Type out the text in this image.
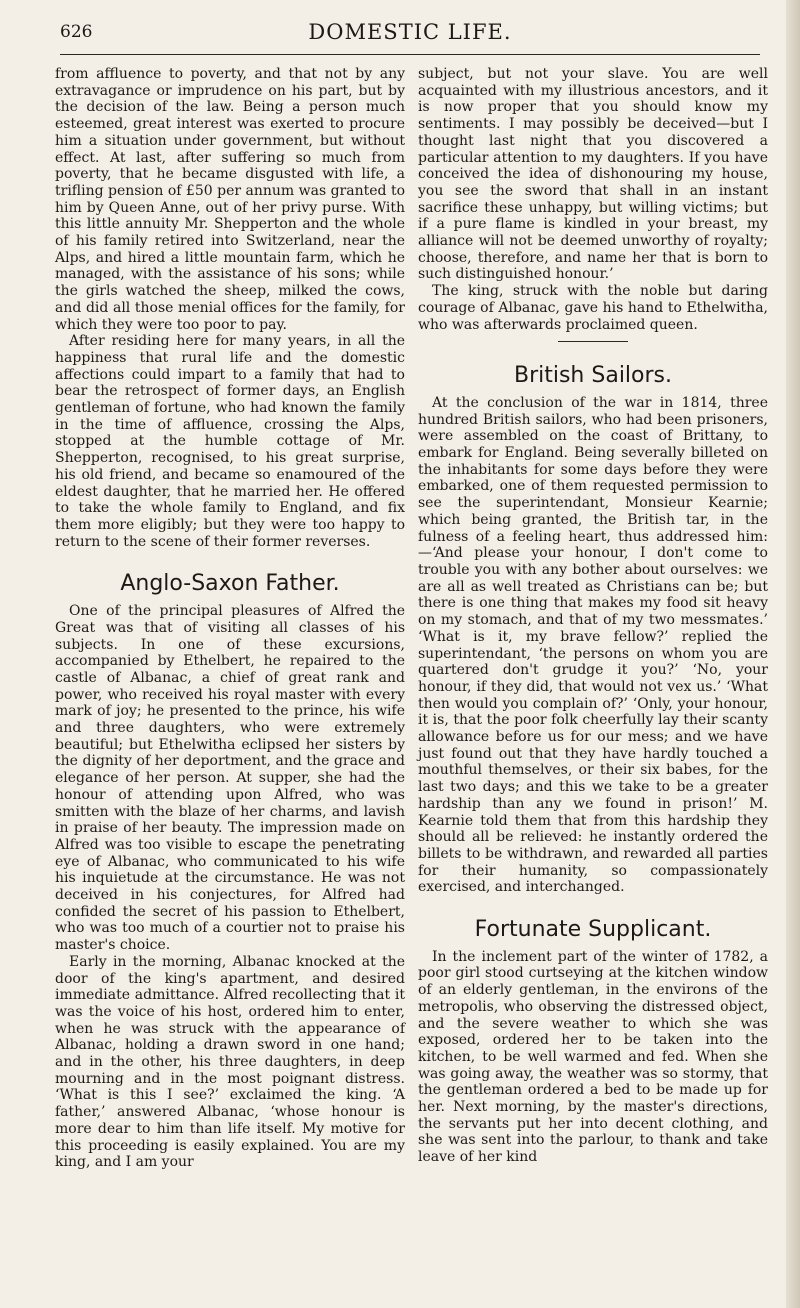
626	DOMESTIC LIFE.

from affluence to poverty, and that not by any extravagance or imprudence on his part, but by the decision of the law. Being a person much esteemed, great interest was exerted to procure him a situation under government, but without effect. At last, after suffering so much from poverty, that he became disgusted with life, a trifling pension of £50 per annum was granted to him by Queen Anne, out of her privy purse. With this little annuity Mr. Shepperton and the whole of his family retired into Switzerland, near the Alps, and hired a little mountain farm, which he managed, with the assistance of his sons; while the girls watched the sheep, milked the cows, and did all those menial offices for the family, for which they were too poor to pay.

After residing here for many years, in all the happiness that rural life and the domestic affections could impart to a family that had to bear the retrospect of former days, an English gentleman of fortune, who had known the family in the time of affluence, crossing the Alps, stopped at the humble cottage of Mr. Shepperton, recognised, to his great surprise, his old friend, and became so enamoured of the eldest daughter, that he married her. He offered to take the whole family to England, and fix them more eligibly; but they were too happy to return to the scene of their former reverses.

Anglo-Saxon Father.

One of the principal pleasures of Alfred the Great was that of visiting all classes of his subjects. In one of these excursions, accompanied by Ethelbert, he repaired to the castle of Albanac, a chief of great rank and power, who received his royal master with every mark of joy; he presented to the prince, his wife and three daughters, who were extremely beautiful; but Ethelwitha eclipsed her sisters by the dignity of her deportment, and the grace and elegance of her person. At supper, she had the honour of attending upon Alfred, who was smitten with the blaze of her charms, and lavish in praise of her beauty. The impression made on Alfred was too visible to escape the penetrating eye of Albanac, who communicated to his wife his inquietude at the circumstance. He was not deceived in his conjectures, for Alfred had confided the secret of his passion to Ethelbert, who was too much of a courtier not to praise his master's choice.

Early in the morning, Albanac knocked at the door of the king's apartment, and desired immediate admittance. Alfred recollecting that it was the voice of his host, ordered him to enter, when he was struck with the appearance of Albanac, holding a drawn sword in one hand; and in the other, his three daughters, in deep mourning and in the most poignant distress. ‘What is this I see?’ exclaimed the king. ‘A father,’ answered Albanac, ‘whose honour is more dear to him than life itself. My motive for this proceeding is easily explained. You are my king, and I am your

subject, but not your slave. You are well acquainted with my illustrious ancestors, and it is now proper that you should know my sentiments. I may possibly be deceived—but I thought last night that you discovered a particular attention to my daughters. If you have conceived the idea of dishonouring my house, you see the sword that shall in an instant sacrifice these unhappy, but willing victims; but if a pure flame is kindled in your breast, my alliance will not be deemed unworthy of royalty; choose, therefore, and name her that is born to such distinguished honour.’

The king, struck with the noble but daring courage of Albanac, gave his hand to Ethelwitha, who was afterwards proclaimed queen.

British Sailors.

At the conclusion of the war in 1814, three hundred British sailors, who had been prisoners, were assembled on the coast of Brittany, to embark for England. Being severally billeted on the inhabitants for some days before they were embarked, one of them requested permission to see the superintendant, Monsieur Kearnie; which being granted, the British tar, in the fulness of a feeling heart, thus addressed him:—‘And please your honour, I don't come to trouble you with any bother about ourselves: we are all as well treated as Christians can be; but there is one thing that makes my food sit heavy on my stomach, and that of my two messmates.’ ‘What is it, my brave fellow?’ replied the superintendant, ‘the persons on whom you are quartered don't grudge it you?’ ‘No, your honour, if they did, that would not vex us.’ ‘What then would you complain of?’ ‘Only, your honour, it is, that the poor folk cheerfully lay their scanty allowance before us for our mess; and we have just found out that they have hardly touched a mouthful themselves, or their six babes, for the last two days; and this we take to be a greater hardship than any we found in prison!’ M. Kearnie told them that from this hardship they should all be relieved: he instantly ordered the billets to be withdrawn, and rewarded all parties for their humanity, so compassionately exercised, and interchanged.

Fortunate Supplicant.

In the inclement part of the winter of 1782, a poor girl stood curtseying at the kitchen window of an elderly gentleman, in the environs of the metropolis, who observing the distressed object, and the severe weather to which she was exposed, ordered her to be taken into the kitchen, to be well warmed and fed. When she was going away, the weather was so stormy, that the gentleman ordered a bed to be made up for her. Next morning, by the master's directions, the servants put her into decent clothing, and she was sent into the parlour, to thank and take leave of her kind
